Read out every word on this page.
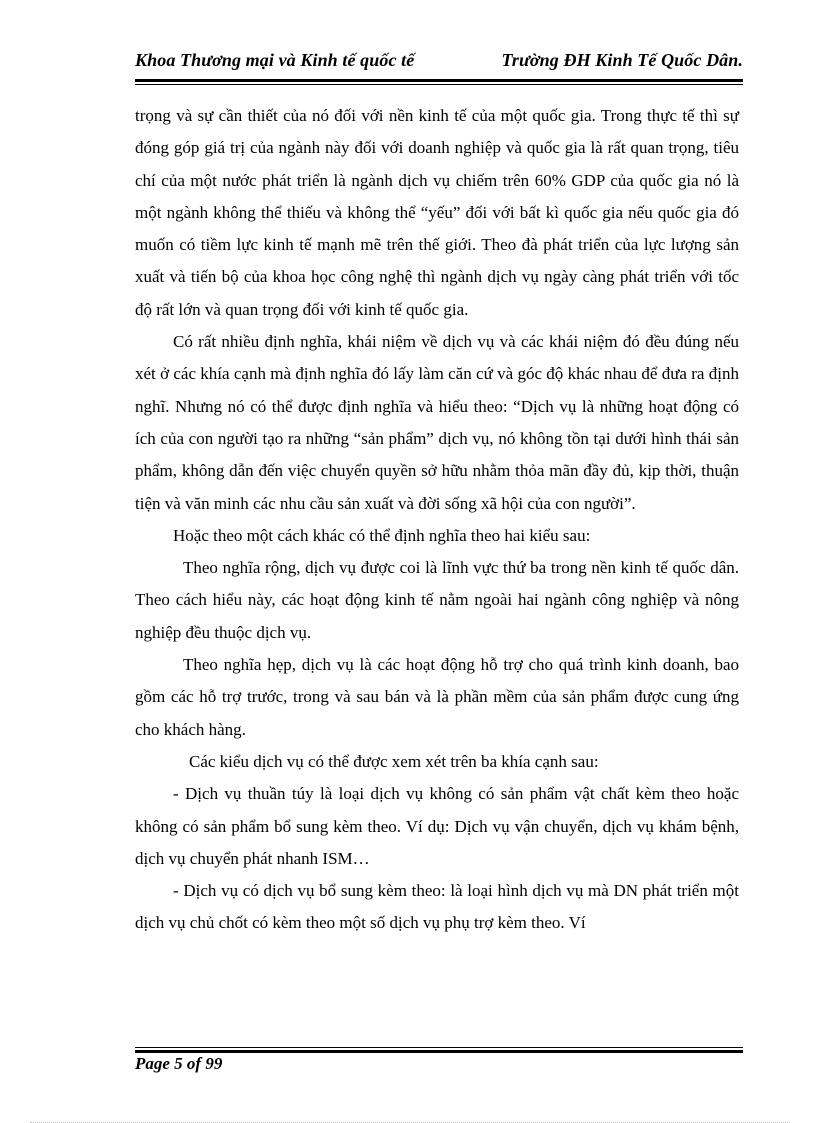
Khoa Thương mại và Kinh tế quốc tế	Trường ĐH Kinh Tế Quốc Dân.

trọng và sự cần thiết của nó đối với nền kinh tế của một quốc gia. Trong thực tế thì sự đóng góp giá trị của ngành này đối với doanh nghiệp và quốc gia là rất quan trọng, tiêu chí của một nước phát triển là ngành dịch vụ chiếm trên 60% GDP của quốc gia nó là một ngành không thể thiếu và không thể “yếu” đối với bất kì quốc gia nếu quốc gia đó muốn có tiềm lực kinh tế mạnh mẽ trên thế giới. Theo đà phát triển của lực lượng sản xuất và tiến bộ của khoa học công nghệ thì ngành dịch vụ ngày càng phát triển với tốc độ rất lớn và quan trọng đối với kinh tế quốc gia.

Có rất nhiều định nghĩa, khái niệm về dịch vụ và các khái niệm đó đều đúng nếu xét ở các khía cạnh mà định nghĩa đó lấy làm căn cứ và góc độ khác nhau để đưa ra định nghĩ. Nhưng nó có thể được định nghĩa và hiểu theo: “Dịch vụ là những hoạt động có ích của con người tạo ra những “sản phẩm” dịch vụ, nó không tồn tại dưới hình thái sản phẩm, không dẫn đến việc chuyển quyền sở hữu nhằm thỏa mãn đầy đủ, kịp thời, thuận tiện và văn minh các nhu cầu sản xuất và đời sống xã hội của con người”.

Hoặc theo một cách khác có thể định nghĩa theo hai kiểu sau:

Theo nghĩa rộng, dịch vụ được coi là lĩnh vực thứ ba trong nền kinh tế quốc dân. Theo cách hiểu này, các hoạt động kinh tế nằm ngoài hai ngành công nghiệp và nông nghiệp đều thuộc dịch vụ.

Theo nghĩa hẹp, dịch vụ là các hoạt động hỗ trợ cho quá trình kinh doanh, bao gồm các hỗ trợ trước, trong và sau bán và là phần mềm của sản phẩm được cung ứng cho khách hàng.

Các kiểu dịch vụ có thể được xem xét trên ba khía cạnh sau:

- Dịch vụ thuần túy là loại dịch vụ không có sản phẩm vật chất kèm theo hoặc không có sản phẩm bổ sung kèm theo. Ví dụ: Dịch vụ vận chuyển, dịch vụ khám bệnh, dịch vụ chuyển phát nhanh ISM…

- Dịch vụ có dịch vụ bổ sung kèm theo: là loại hình dịch vụ mà DN phát triển một dịch vụ chủ chốt có kèm theo một số dịch vụ phụ trợ kèm theo. Ví

Page 5 of 99
